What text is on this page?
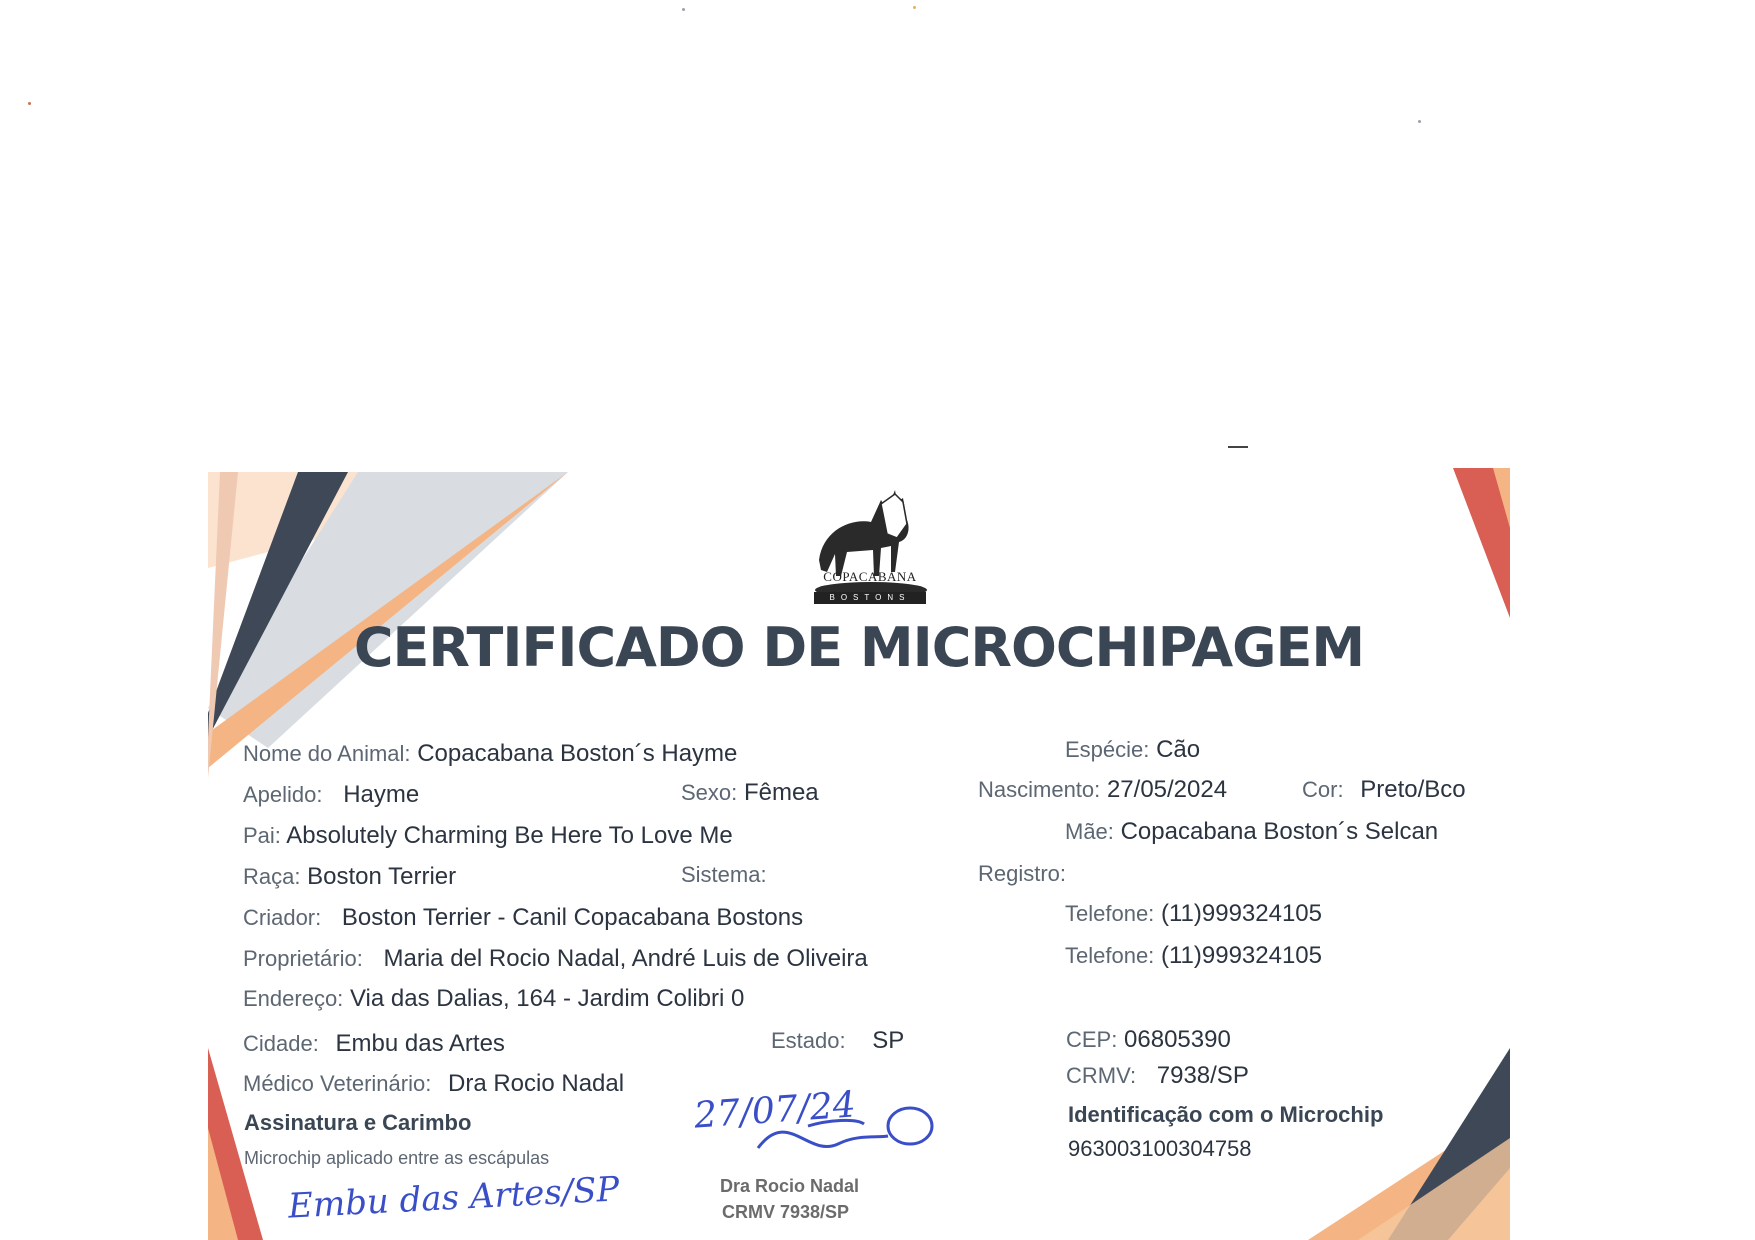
COPACABANA
BOSTONS
CERTIFICADO DE MICROCHIPAGEM
Nome do Animal: Copacabana Boston´s Hayme	Espécie: Cão
Apelido: Hayme	Sexo: Fêmea	Nascimento: 27/05/2024	Cor: Preto/Bco
Pai: Absolutely Charming Be Here To Love Me	Mãe: Copacabana Boston´s Selcan
Raça: Boston Terrier	Sistema:	Registro:
Criador: Boston Terrier - Canil Copacabana Bostons	Telefone: (11)999324105
Proprietário: Maria del Rocio Nadal, André Luis de Oliveira	Telefone: (11)999324105
Endereço: Via das Dalias, 164 - Jardim Colibri 0
Cidade: Embu das Artes	Estado: SP	CEP: 06805390
Médico Veterinário: Dra Rocio Nadal	CRMV: 7938/SP
Assinatura e Carimbo
Microchip aplicado entre as escápulas
Identificação com o Microchip
963003100304758
Embu das Artes/SP
27/07/24
Dra Rocio Nadal
CRMV 7938/SP
